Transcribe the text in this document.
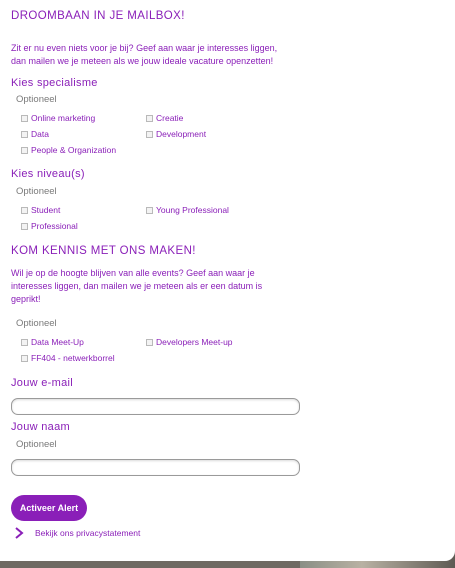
DROOMBAAN IN JE MAILBOX!

Zit er nu even niets voor je bij? Geef aan waar je interesses liggen, dan mailen we je meteen als we jouw ideale vacature openzetten!

Kies specialisme
Optioneel
Online marketing	Creatie
Data	Development
People & Organization
Kies niveau(s)
Optioneel
Student	Young Professional
Professional
KOM KENNIS MET ONS MAKEN!

Wil je op de hoogte blijven van alle events? Geef aan waar je interesses liggen, dan mailen we je meteen als er een datum is geprikt!

Optioneel
Data Meet-Up	Developers Meet-up
FF404 - netwerkborrel
Jouw e-mail
Jouw naam
Optioneel
Activeer Alert
Bekijk ons privacystatement
